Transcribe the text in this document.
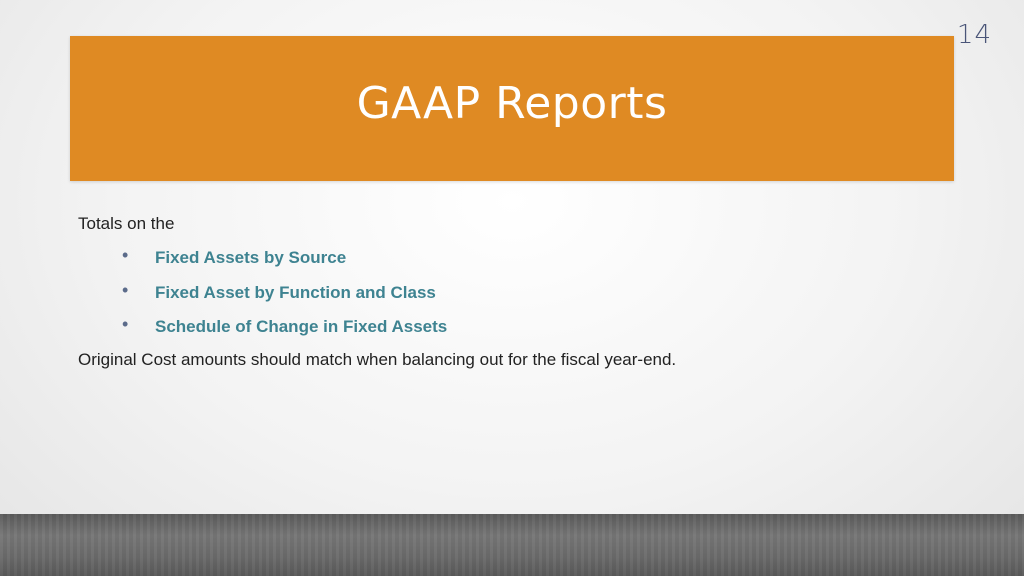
14
GAAP Reports

Totals on the

•	Fixed Assets by Source
•	Fixed Asset by Function and Class
•	Schedule of Change in Fixed Assets

Original Cost amounts should match when balancing out for the fiscal year-end.
